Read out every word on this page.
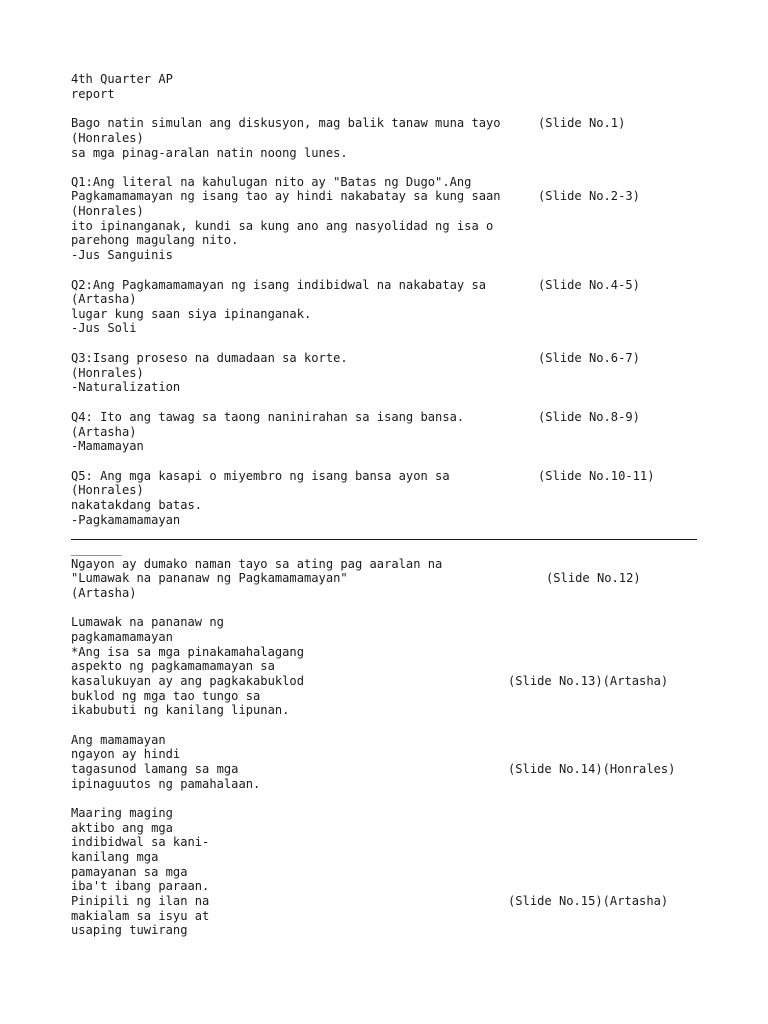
4th Quarter AP

report

Bago natin simulan ang diskusyon, mag balik tanaw muna tayo	(Slide No.1)

(Honrales)

sa mga pinag-aralan natin noong lunes.

Q1:Ang literal na kahulugan nito ay "Batas ng Dugo".Ang

Pagkamamamayan ng isang tao ay hindi nakabatay sa kung saan	(Slide No.2-3)

(Honrales)

ito ipinanganak, kundi sa kung ano ang nasyolidad ng isa o

parehong magulang nito.

-Jus Sanguinis

Q2:Ang Pagkamamamayan ng isang indibidwal na nakabatay sa	(Slide No.4-5)

(Artasha)

lugar kung saan siya ipinanganak.

-Jus Soli

Q3:Isang proseso na dumadaan sa korte.	(Slide No.6-7)

(Honrales)

-Naturalization

Q4: Ito ang tawag sa taong naninirahan sa isang bansa.	(Slide No.8-9)

(Artasha)

-Mamamayan

Q5: Ang mga kasapi o miyembro ng isang bansa ayon sa	(Slide No.10-11)

(Honrales)

nakatakdang batas.

-Pagkamamamayan

_______

Ngayon ay dumako naman tayo sa ating pag aaralan na

"Lumawak na pananaw ng Pagkamamamayan"	(Slide No.12)

(Artasha)

Lumawak na pananaw ng

pagkamamamayan

*Ang isa sa mga pinakamahalagang

aspekto ng pagkamamamayan sa

kasalukuyan ay ang pagkakabuklod	(Slide No.13)(Artasha)

buklod ng mga tao tungo sa

ikabubuti ng kanilang lipunan.

Ang mamamayan

ngayon ay hindi

tagasunod lamang sa mga	(Slide No.14)(Honrales)

ipinaguutos ng pamahalaan.

Maaring maging

aktibo ang mga

indibidwal sa kani-

kanilang mga

pamayanan sa mga

iba't ibang paraan.

Pinipili ng ilan na	(Slide No.15)(Artasha)

makialam sa isyu at

usaping tuwirang
